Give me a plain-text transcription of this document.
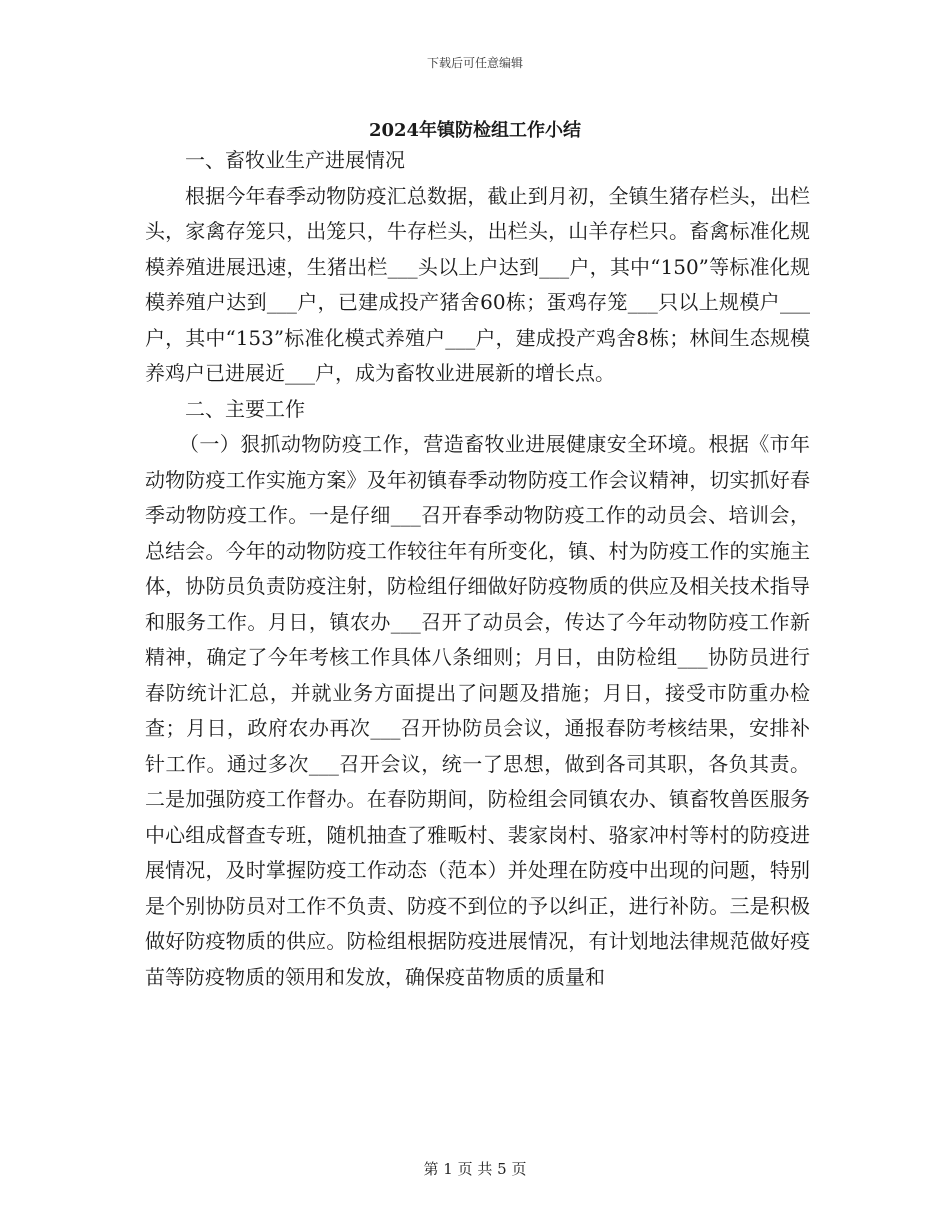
下载后可任意编辑
2024年镇防检组工作小结

一、畜牧业生产进展情况

根据今年春季动物防疫汇总数据，截止到月初，全镇生猪存栏头，出栏头，家禽存笼只，出笼只，牛存栏头，出栏头，山羊存栏只。畜禽标准化规模养殖进展迅速，生猪出栏___头以上户达到___户，其中“150”等标准化规模养殖户达到___户，已建成投产猪舍60栋；蛋鸡存笼___只以上规模户___户，其中“153”标准化模式养殖户___户，建成投产鸡舍8栋；林间生态规模养鸡户已进展近___户，成为畜牧业进展新的增长点。

二、主要工作

（一）狠抓动物防疫工作，营造畜牧业进展健康安全环境。根据《市年动物防疫工作实施方案》及年初镇春季动物防疫工作会议精神，切实抓好春季动物防疫工作。一是仔细___召开春季动物防疫工作的动员会、培训会，总结会。今年的动物防疫工作较往年有所变化，镇、村为防疫工作的实施主体，协防员负责防疫注射，防检组仔细做好防疫物质的供应及相关技术指导和服务工作。月日，镇农办___召开了动员会，传达了今年动物防疫工作新精神，确定了今年考核工作具体八条细则；月日，由防检组___协防员进行春防统计汇总，并就业务方面提出了问题及措施；月日，接受市防重办检查；月日，政府农办再次___召开协防员会议，通报春防考核结果，安排补针工作。通过多次___召开会议，统一了思想，做到各司其职，各负其责。二是加强防疫工作督办。在春防期间，防检组会同镇农办、镇畜牧兽医服务中心组成督查专班，随机抽查了雅畈村、裴家岗村、骆家冲村等村的防疫进展情况，及时掌握防疫工作动态（范本）并处理在防疫中出现的问题，特别是个别协防员对工作不负责、防疫不到位的予以纠正，进行补防。三是积极做好防疫物质的供应。防检组根据防疫进展情况，有计划地法律规范做好疫苗等防疫物质的领用和发放，确保疫苗物质的质量和

第 1 页 共 5 页
